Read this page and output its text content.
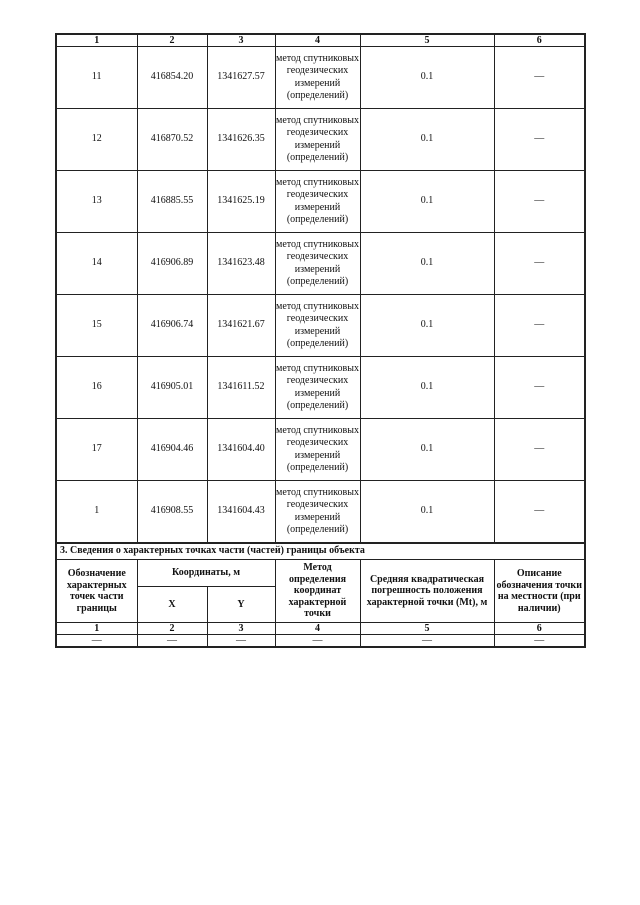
1	2	3	4	5	6
11	416854.20	1341627.57	метод спутниковых геодезических измерений (определений)	0.1	—
12	416870.52	1341626.35	метод спутниковых геодезических измерений (определений)	0.1	—
13	416885.55	1341625.19	метод спутниковых геодезических измерений (определений)	0.1	—
14	416906.89	1341623.48	метод спутниковых геодезических измерений (определений)	0.1	—
15	416906.74	1341621.67	метод спутниковых геодезических измерений (определений)	0.1	—
16	416905.01	1341611.52	метод спутниковых геодезических измерений (определений)	0.1	—
17	416904.46	1341604.40	метод спутниковых геодезических измерений (определений)	0.1	—
1	416908.55	1341604.43	метод спутниковых геодезических измерений (определений)	0.1	—
3. Сведения о характерных точках части (частей) границы объекта					
Обозначение характерных точек части границы	Координаты, м		Метод определения координат характерной точки	Средняя квадратическая погрешность положения характерной точки (Mt), м	Описание обозначения точки на местности (при наличии)
	X	Y			
1	2	3	4	5	6
—	—	—	—	—	—
